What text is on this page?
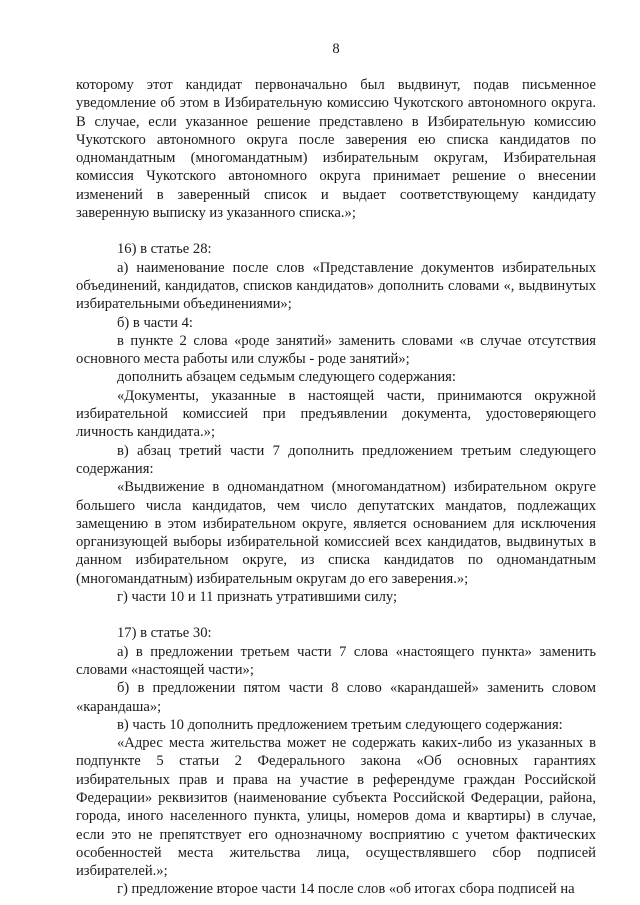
8
которому этот кандидат первоначально был выдвинут, подав письменное уведомление об этом в Избирательную комиссию Чукотского автономного округа. В случае, если указанное решение представлено в Избирательную комиссию Чукотского автономного округа после заверения ею списка кандидатов по одномандатным (многомандатным) избирательным округам, Избирательная комиссия Чукотского автономного округа принимает решение о внесении изменений в заверенный список и выдает соответствующему кандидату заверенную выписку из указанного списка.»;
16) в статье 28:
а) наименование после слов «Представление документов избирательных объединений, кандидатов, списков кандидатов» дополнить словами «, выдвинутых избирательными объединениями»;
б) в части 4:
в пункте 2 слова «роде занятий» заменить словами «в случае отсутствия основного места работы или службы - роде занятий»;
дополнить абзацем седьмым следующего содержания:
«Документы, указанные в настоящей части, принимаются окружной избирательной комиссией при предъявлении документа, удостоверяющего личность кандидата.»;
в) абзац третий части 7 дополнить предложением третьим следующего содержания:
«Выдвижение в одномандатном (многомандатном) избирательном округе большего числа кандидатов, чем число депутатских мандатов, подлежащих замещению в этом избирательном округе, является основанием для исключения организующей выборы избирательной комиссией всех кандидатов, выдвинутых в данном избирательном округе, из списка кандидатов по одномандатным (многомандатным) избирательным округам до его заверения.»;
г) части 10 и 11 признать утратившими силу;
17) в статье 30:
а) в предложении третьем части 7 слова «настоящего пункта» заменить словами «настоящей части»;
б) в предложении пятом части 8 слово «карандашей» заменить словом «карандаша»;
в) часть 10 дополнить предложением третьим следующего содержания:
«Адрес места жительства может не содержать каких-либо из указанных в подпункте 5 статьи 2 Федерального закона «Об основных гарантиях избирательных прав и права на участие в референдуме граждан Российской Федерации» реквизитов (наименование субъекта Российской Федерации, района, города, иного населенного пункта, улицы, номеров дома и квартиры) в случае, если это не препятствует его однозначному восприятию с учетом фактических особенностей места жительства лица, осуществлявшего сбор подписей избирателей.»;
г) предложение второе части 14 после слов «об итогах сбора подписей на
